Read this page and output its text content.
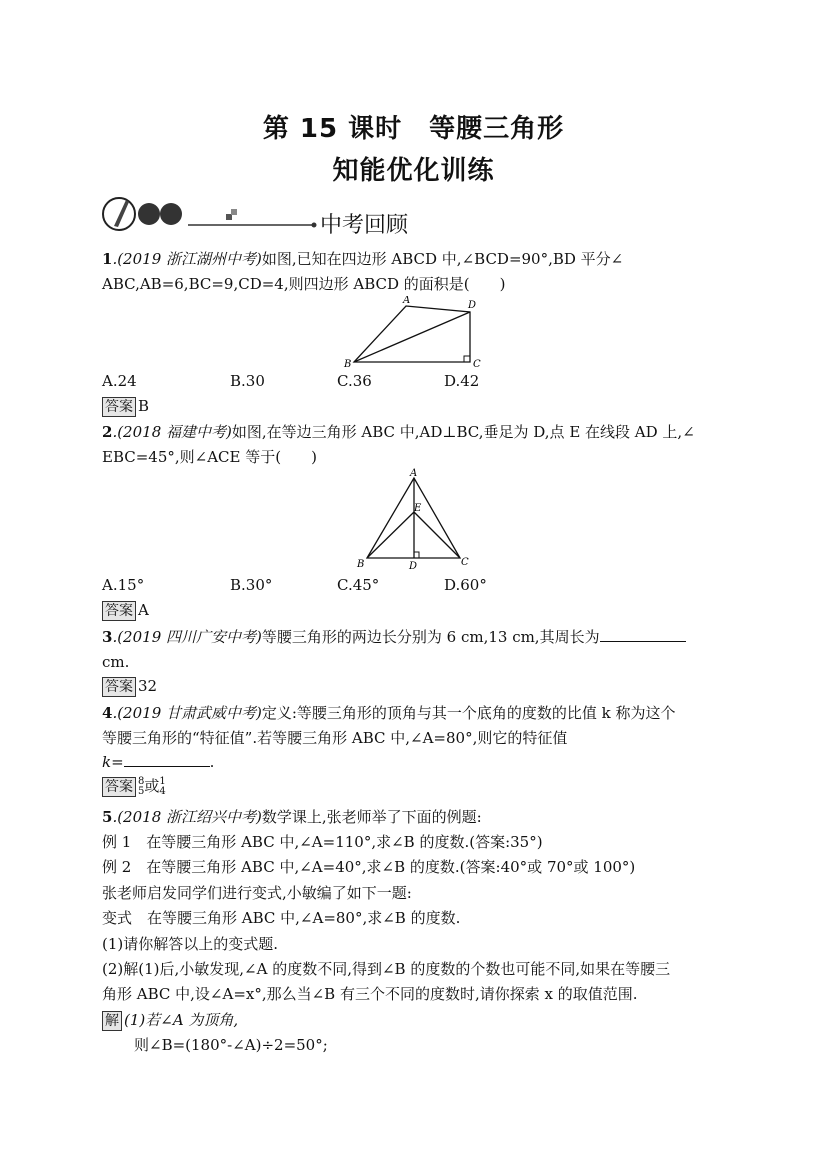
第 15 课时　等腰三角形
知能优化训练
中考回顾
1.(2019 浙江湖州中考)如图,已知在四边形 ABCD 中,∠BCD=90°,BD 平分∠
ABC,AB=6,BC=9,CD=4,则四边形 ABCD 的面积是(　　)
A	D
B	C
A.24	B.30	C.36	D.42
答案 B
2.(2018 福建中考)如图,在等边三角形 ABC 中,AD⊥BC,垂足为 D,点 E 在线段 AD 上,∠
EBC=45°,则∠ACE 等于(　　)
A
E
B	D	C
A.15°	B.30°	C.45°	D.60°
答案 A
3.(2019 四川广安中考)等腰三角形的两边长分别为 6 cm,13 cm,其周长为
cm.
答案 32
4.(2019 甘肃武威中考)定义:等腰三角形的顶角与其一个底角的度数的比值 k 称为这个
等腰三角形的“特征值”.若等腰三角形 ABC 中,∠A=80°,则它的特征值
k=	.
答案 8
5 或 1
4
5.(2018 浙江绍兴中考)数学课上,张老师举了下面的例题:
例 1　在等腰三角形 ABC 中,∠A=110°,求∠B 的度数.(答案:35°)
例 2　在等腰三角形 ABC 中,∠A=40°,求∠B 的度数.(答案:40°或 70°或 100°)
张老师启发同学们进行变式,小敏编了如下一题:
变式　在等腰三角形 ABC 中,∠A=80°,求∠B 的度数.
(1)请你解答以上的变式题.
(2)解(1)后,小敏发现,∠A 的度数不同,得到∠B 的度数的个数也可能不同,如果在等腰三
角形 ABC 中,设∠A=x°,那么当∠B 有三个不同的度数时,请你探索 x 的取值范围.
解 (1)若∠A 为顶角,
则∠B=(180°-∠A)÷2=50°;
